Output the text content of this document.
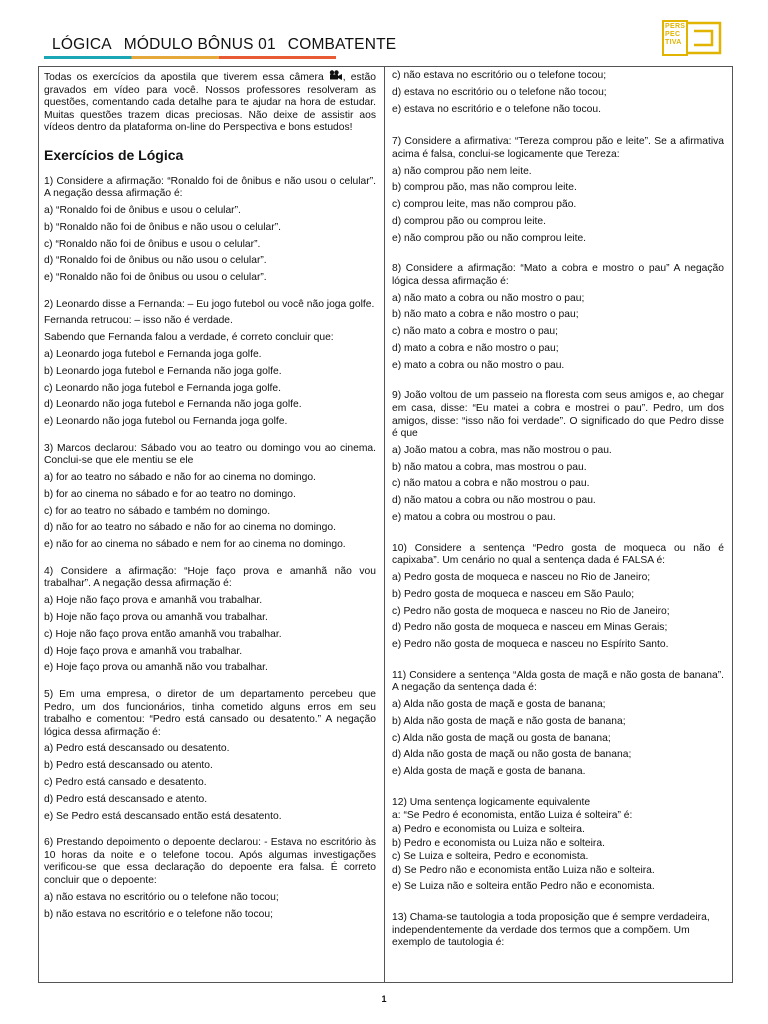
LÓGICA MÓDULO BÔNUS 01 COMBATENTE
PERS
PEC
TIVA

Todas os exercícios da apostila que tiverem essa câmera , estão gravados em vídeo para você. Nossos professores resolveram as questões, comentando cada detalhe para te ajudar na hora de estudar. Muitas questões trazem dicas preciosas. Não deixe de assistir aos vídeos dentro da plataforma on-line do Perspectiva e bons estudos!

Exercícios de Lógica

1) Considere a afirmação: “Ronaldo foi de ônibus e não usou o celular”. A negação dessa afirmação é:

a) “Ronaldo foi de ônibus e usou o celular”.

b) “Ronaldo não foi de ônibus e não usou o celular”.

c) “Ronaldo não foi de ônibus e usou o celular”.

d) “Ronaldo foi de ônibus ou não usou o celular”.

e) “Ronaldo não foi de ônibus ou usou o celular”.

2) Leonardo disse a Fernanda: – Eu jogo futebol ou você não joga golfe.

Fernanda retrucou: – isso não é verdade.

Sabendo que Fernanda falou a verdade, é correto concluir que:

a) Leonardo joga futebol e Fernanda joga golfe.

b) Leonardo joga futebol e Fernanda não joga golfe.

c) Leonardo não joga futebol e Fernanda joga golfe.

d) Leonardo não joga futebol e Fernanda não joga golfe.

e) Leonardo não joga futebol ou Fernanda joga golfe.

3) Marcos declarou: Sábado vou ao teatro ou domingo vou ao cinema. Conclui-se que ele mentiu se ele

a) for ao teatro no sábado e não for ao cinema no domingo.

b) for ao cinema no sábado e for ao teatro no domingo.

c) for ao teatro no sábado e também no domingo.

d) não for ao teatro no sábado e não for ao cinema no domingo.

e) não for ao cinema no sábado e nem for ao cinema no domingo.

4) Considere a afirmação: “Hoje faço prova e amanhã não vou trabalhar”. A negação dessa afirmação é:

a) Hoje não faço prova e amanhã vou trabalhar.

b) Hoje não faço prova ou amanhã vou trabalhar.

c) Hoje não faço prova então amanhã vou trabalhar.

d) Hoje faço prova e amanhã vou trabalhar.

e) Hoje faço prova ou amanhã não vou trabalhar.

5) Em uma empresa, o diretor de um departamento percebeu que Pedro, um dos funcionários, tinha cometido alguns erros em seu trabalho e comentou: “Pedro está cansado ou desatento.” A negação lógica dessa afirmação é:

a) Pedro está descansado ou desatento.

b) Pedro está descansado ou atento.

c) Pedro está cansado e desatento.

d) Pedro está descansado e atento.

e) Se Pedro está descansado então está desatento.

6) Prestando depoimento o depoente declarou: - Estava no escritório às 10 horas da noite e o telefone tocou. Após algumas investigações verificou-se que essa declaração do depoente era falsa. É correto concluir que o depoente:

a) não estava no escritório ou o telefone não tocou;

b) não estava no escritório e o telefone não tocou;

c) não estava no escritório ou o telefone tocou;

d) estava no escritório ou o telefone não tocou;

e) estava no escritório e o telefone não tocou.

7) Considere a afirmativa: “Tereza comprou pão e leite”. Se a afirmativa acima é falsa, conclui-se logicamente que Tereza:

a) não comprou pão nem leite.

b) comprou pão, mas não comprou leite.

c) comprou leite, mas não comprou pão.

d) comprou pão ou comprou leite.

e) não comprou pão ou não comprou leite.

8) Considere a afirmação: “Mato a cobra e mostro o pau” A negação lógica dessa afirmação é:

a) não mato a cobra ou não mostro o pau;

b) não mato a cobra e não mostro o pau;

c) não mato a cobra e mostro o pau;

d) mato a cobra e não mostro o pau;

e) mato a cobra ou não mostro o pau.

9) João voltou de um passeio na floresta com seus amigos e, ao chegar em casa, disse: “Eu matei a cobra e mostrei o pau”. Pedro, um dos amigos, disse: “isso não foi verdade”. O significado do que Pedro disse é que

a) João matou a cobra, mas não mostrou o pau.

b) não matou a cobra, mas mostrou o pau.

c) não matou a cobra e não mostrou o pau.

d) não matou a cobra ou não mostrou o pau.

e) matou a cobra ou mostrou o pau.

10) Considere a sentença “Pedro gosta de moqueca ou não é capixaba”. Um cenário no qual a sentença dada é FALSA é:

a) Pedro gosta de moqueca e nasceu no Rio de Janeiro;

b) Pedro gosta de moqueca e nasceu em São Paulo;

c) Pedro não gosta de moqueca e nasceu no Rio de Janeiro;

d) Pedro não gosta de moqueca e nasceu em Minas Gerais;

e) Pedro não gosta de moqueca e nasceu no Espírito Santo.

11) Considere a sentença “Alda gosta de maçã e não gosta de banana”. A negação da sentença dada é:

a) Alda não gosta de maçã e gosta de banana;

b) Alda não gosta de maçã e não gosta de banana;

c) Alda não gosta de maçã ou gosta de banana;

d) Alda não gosta de maçã ou não gosta de banana;

e) Alda gosta de maçã e gosta de banana.

12) Uma sentença logicamente equivalente

a: “Se Pedro é economista, então Luiza é solteira” é:

a) Pedro e economista ou Luiza e solteira.

b) Pedro e economista ou Luiza não e solteira.

c) Se Luiza e solteira, Pedro e economista.

d) Se Pedro não e economista então Luiza não e solteira.

e) Se Luiza não e solteira então Pedro não e economista.

13) Chama-se tautologia a toda proposição que é sempre verdadeira, independentemente da verdade dos termos que a compõem. Um exemplo de tautologia é:

1
